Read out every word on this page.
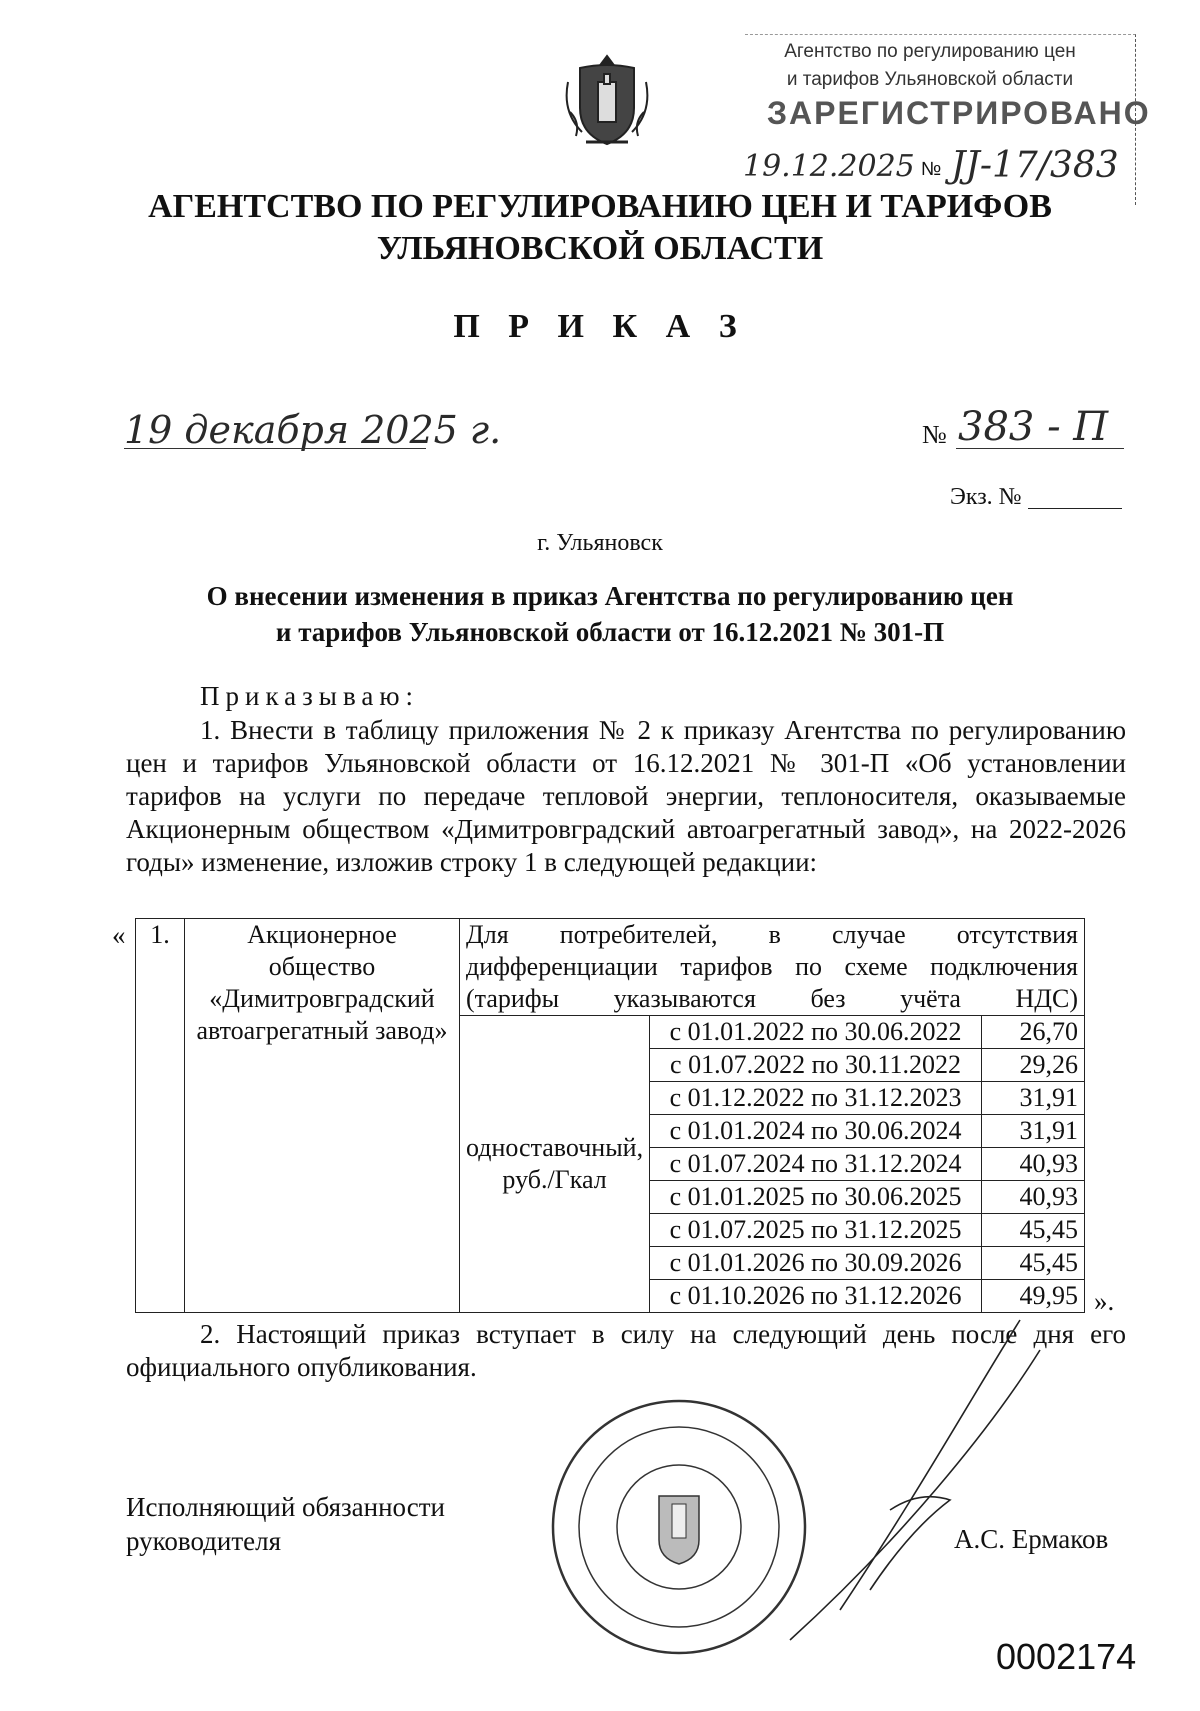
Агентство по регулированию цен
и тарифов Ульяновской области
ЗАРЕГИСТРИРОВАНО
19.12.2025 № ЈЈ-17/383
АГЕНТСТВО ПО РЕГУЛИРОВАНИЮ ЦЕН И ТАРИФОВ
УЛЬЯНОВСКОЙ ОБЛАСТИ
П Р И К А З
19 декабря 2025 г.	№ 383 - П
Экз. №
г. Ульяновск
О внесении изменения в приказ Агентства по регулированию цен
и тарифов Ульяновской области от 16.12.2021 № 301-П
Приказываю:
1. Внести в таблицу приложения № 2 к приказу Агентства по регулированию цен и тарифов Ульяновской области от 16.12.2021 № 301-П «Об установлении тарифов на услуги по передаче тепловой энергии, теплоносителя, оказываемые Акционерным обществом «Димитровградский автоагрегатный завод», на 2022-2026 годы» изменение, изложив строку 1 в следующей редакции:
« 1.	Акционерное общество «Димитровградский автоагрегатный завод»	Для потребителей, в случае отсутствия дифференциации тарифов по схеме подключения (тарифы указываются без учёта НДС)		
		одноставочный, руб./Гкал	с 01.01.2022 по 30.06.2022	26,70
			с 01.07.2022 по 30.11.2022	29,26
			с 01.12.2022 по 31.12.2023	31,91
			с 01.01.2024 по 30.06.2024	31,91
			с 01.07.2024 по 31.12.2024	40,93
			с 01.01.2025 по 30.06.2025	40,93
			с 01.07.2025 по 31.12.2025	45,45
			с 01.01.2026 по 30.09.2026	45,45
			с 01.10.2026 по 31.12.2026	49,95 ».
2. Настоящий приказ вступает в силу на следующий день после дня его официального опубликования.
Исполняющий обязанности
руководителя	А.С. Ермаков
0002174
